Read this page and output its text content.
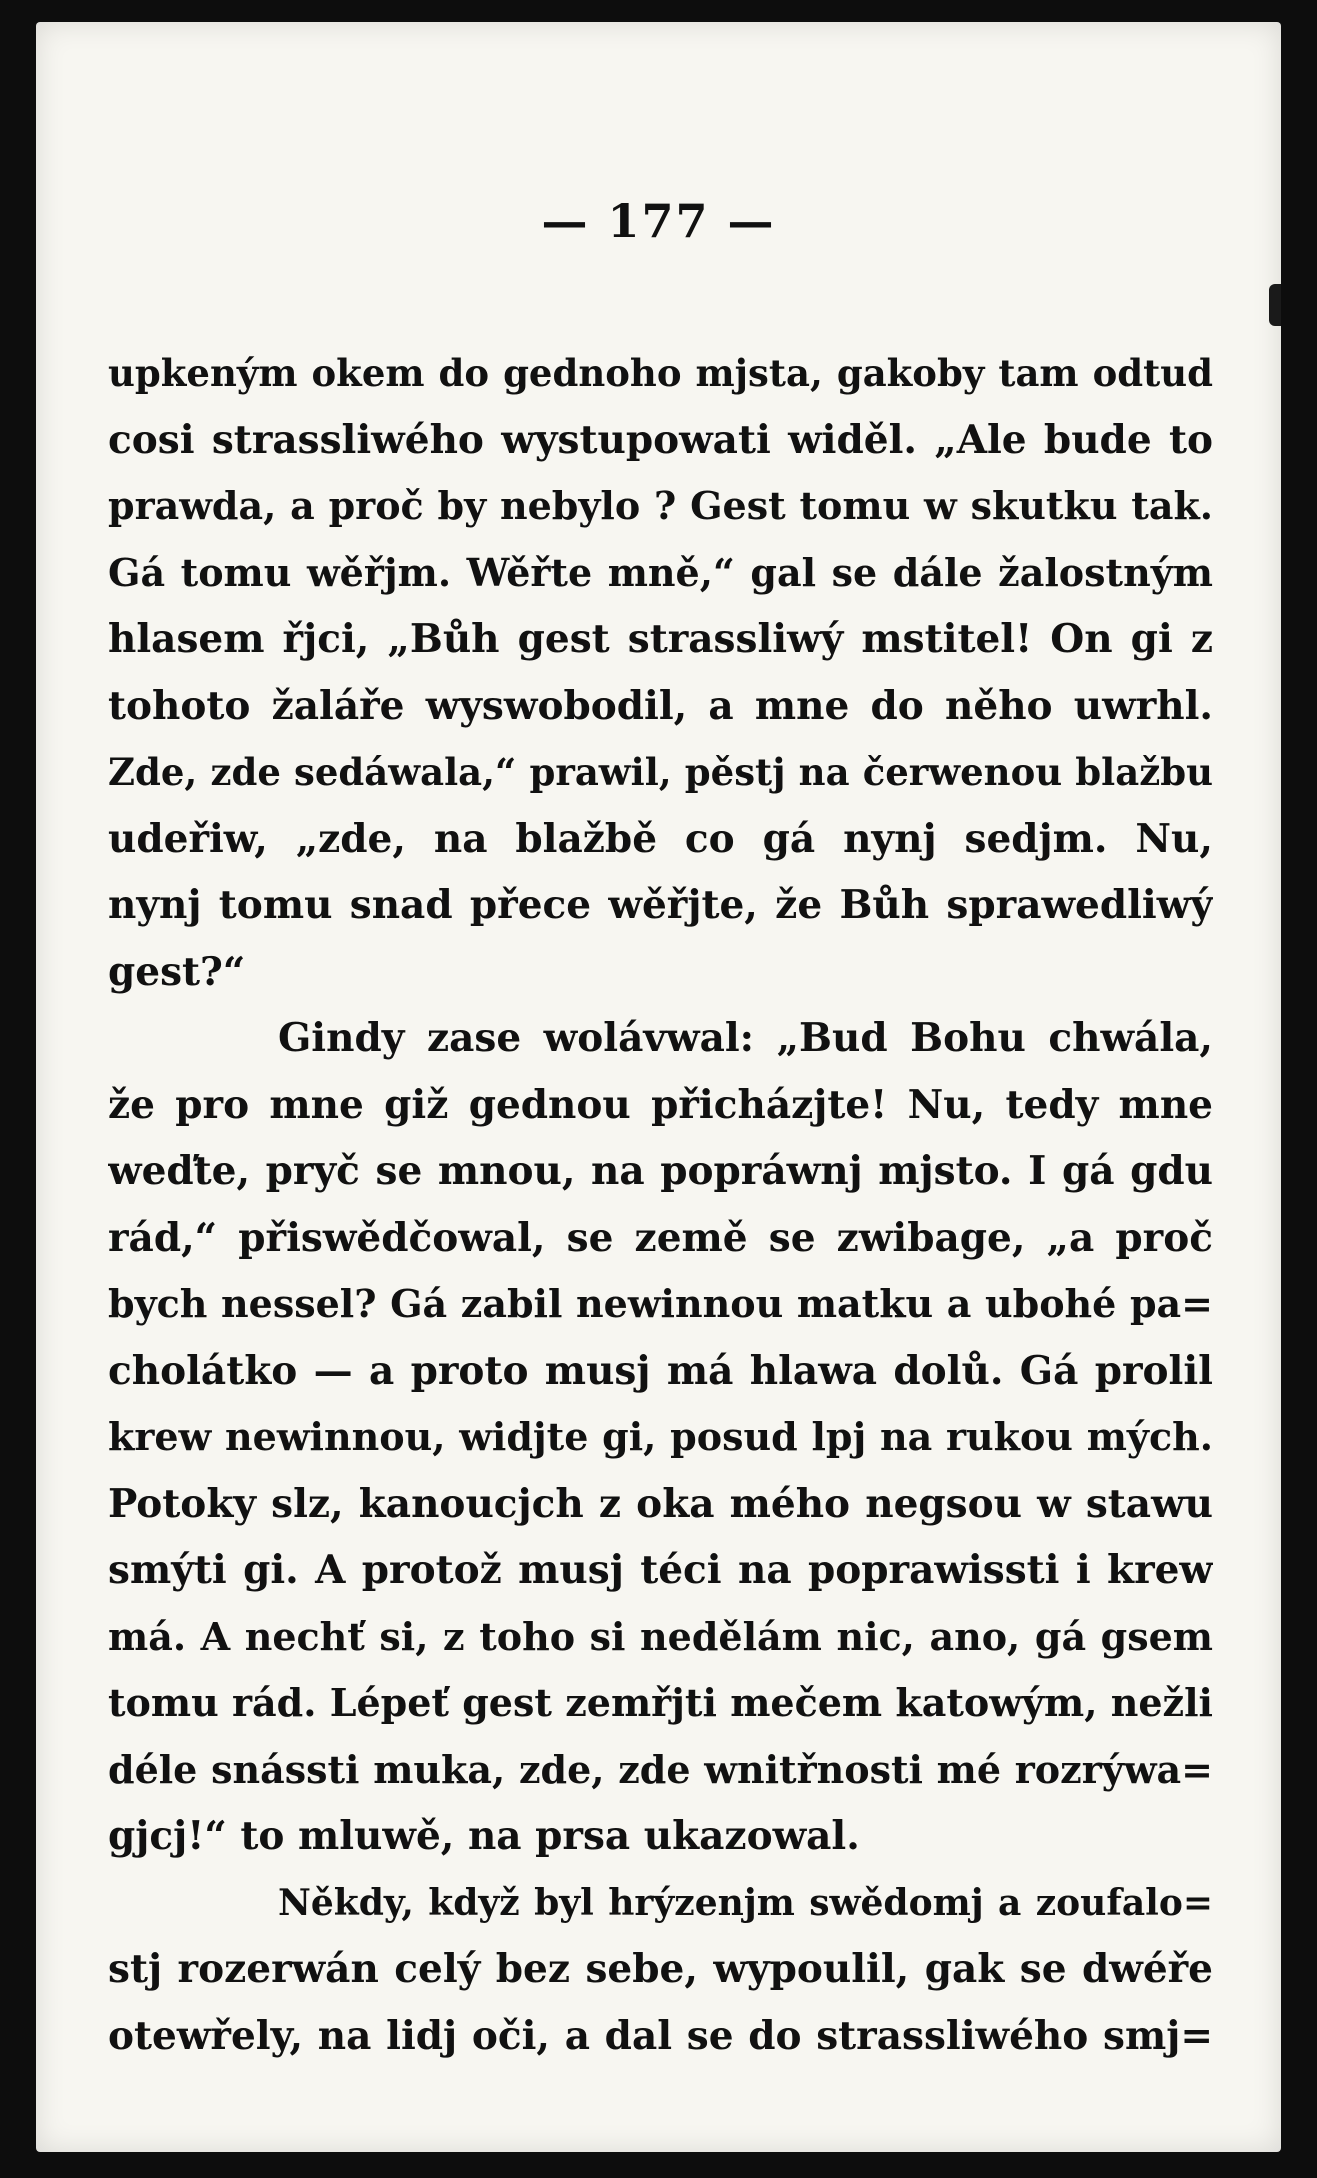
— 177 —

upkeným okem do gednoho mjsta, gakoby tam odtud
cosi strassliwého wystupowati widěl. „Ale bude to
prawda, a proč by nebylo ? Gest tomu w skutku tak.
Gá tomu wěřjm. Wěřte mně,“ gal se dále žalostným
hlasem řjci, „Bůh gest strassliwý mstitel! On gi z
tohoto žaláře wyswobodil, a mne do něho uwrhl.
Zde, zde sedáwala,“ prawil, pěstj na čerwenou blažbu
udeřiw, „zde, na blažbě co gá nynj sedjm. Nu,
nynj tomu snad přece wěřjte, že Bůh sprawedliwý
gest?“
Gindy zase wolávwal: „Bud Bohu chwála,
že pro mne giž gednou přicházjte! Nu, tedy mne
weďte, pryč se mnou, na popráwnj mjsto. I gá gdu
rád,“ přiswědčowal, se země se zwibage, „a proč
bych nessel? Gá zabil newinnou matku a ubohé pa=
cholátko — a proto musj má hlawa dolů. Gá prolil
krew newinnou, widjte gi, posud lpj na rukou mých.
Potoky slz, kanoucjch z oka mého negsou w stawu
smýti gi. A protož musj téci na poprawissti i krew
má. A nechť si, z toho si nedělám nic, ano, gá gsem
tomu rád. Lépeť gest zemřjti mečem katowým, nežli
déle snássti muka, zde, zde wnitřnosti mé rozrýwa=
gjcj!“ to mluwě, na prsa ukazowal.
Někdy, když byl hrýzenjm swědomj a zoufalo=
stj rozerwán celý bez sebe, wypoulil, gak se dwéře
otewřely, na lidj oči, a dal se do strassliwého smj=
